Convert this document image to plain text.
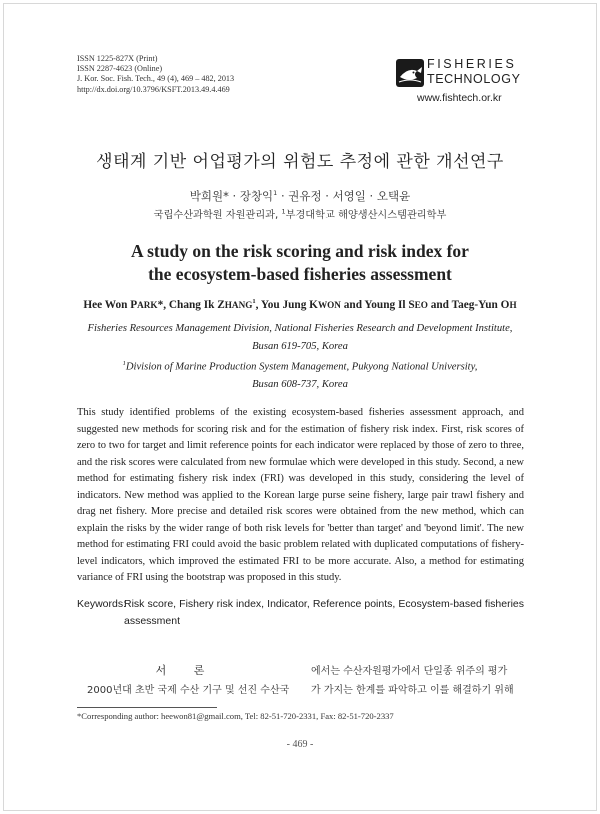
ISSN 1225-827X (Print)
ISSN 2287-4623 (Online)
J. Kor. Soc. Fish. Tech., 49 (4), 469 – 482, 2013
http://dx.doi.org/10.3796/KSFT.2013.49.4.469
FISHERIES
TECHNOLOGY
www.fishtech.or.kr
생태계 기반 어업평가의 위험도 추정에 관한 개선연구
박희원* · 장창익$^1$ · 권유정 · 서영일 · 오택윤
국립수산과학원 자원관리과, $^1$부경대학교 해양생산시스템관리학부
A study on the risk scoring and risk index for
the ecosystem-based fisheries assessment
Hee Won PARK*, Chang Ik ZHANG$^1$, You Jung KWON and Young Il SEO and Taeg-Yun OH
Fisheries Resources Management Division, National Fisheries Research and Development Institute,
Busan 619-705, Korea
$^1$Division of Marine Production System Management, Pukyong National University,
Busan 608-737, Korea
This study identified problems of the existing ecosystem-based fisheries assessment approach, and suggested new methods for scoring risk and for the estimation of fishery risk index. First, risk scores of zero to two for target and limit reference points for each indicator were replaced by those of zero to three, and the risk scores were calculated from new formulae which were developed in this study. Second, a new method for estimating fishery risk index (FRI) was developed in this study, considering the level of indicators. New method was applied to the Korean large purse seine fishery, large pair trawl fishery and drag net fishery. More precise and detailed risk scores were obtained from the new method, which can explain the risks by the wider range of both risk levels for 'better than target' and 'beyond limit'. The new method for estimating FRI could avoid the basic problem related with duplicated computations of fishery-level indicators, which improved the estimated FRI to be more accurate. Also, a method for estimating variance of FRI using the bootstrap was proposed in this study.
Keywords:
Risk score, Fishery risk index, Indicator, Reference points, Ecosystem-based fisheries assessment
서 론
2000년대 초반 국제 수산 기구 및 선진 수산국
에서는 수산자원평가에서 단일종 위주의 평가
가 가지는 한계를 파악하고 이를 해결하기 위해
*Corresponding author: heewon81@gmail.com, Tel: 82-51-720-2331, Fax: 82-51-720-2337
- 469 -
